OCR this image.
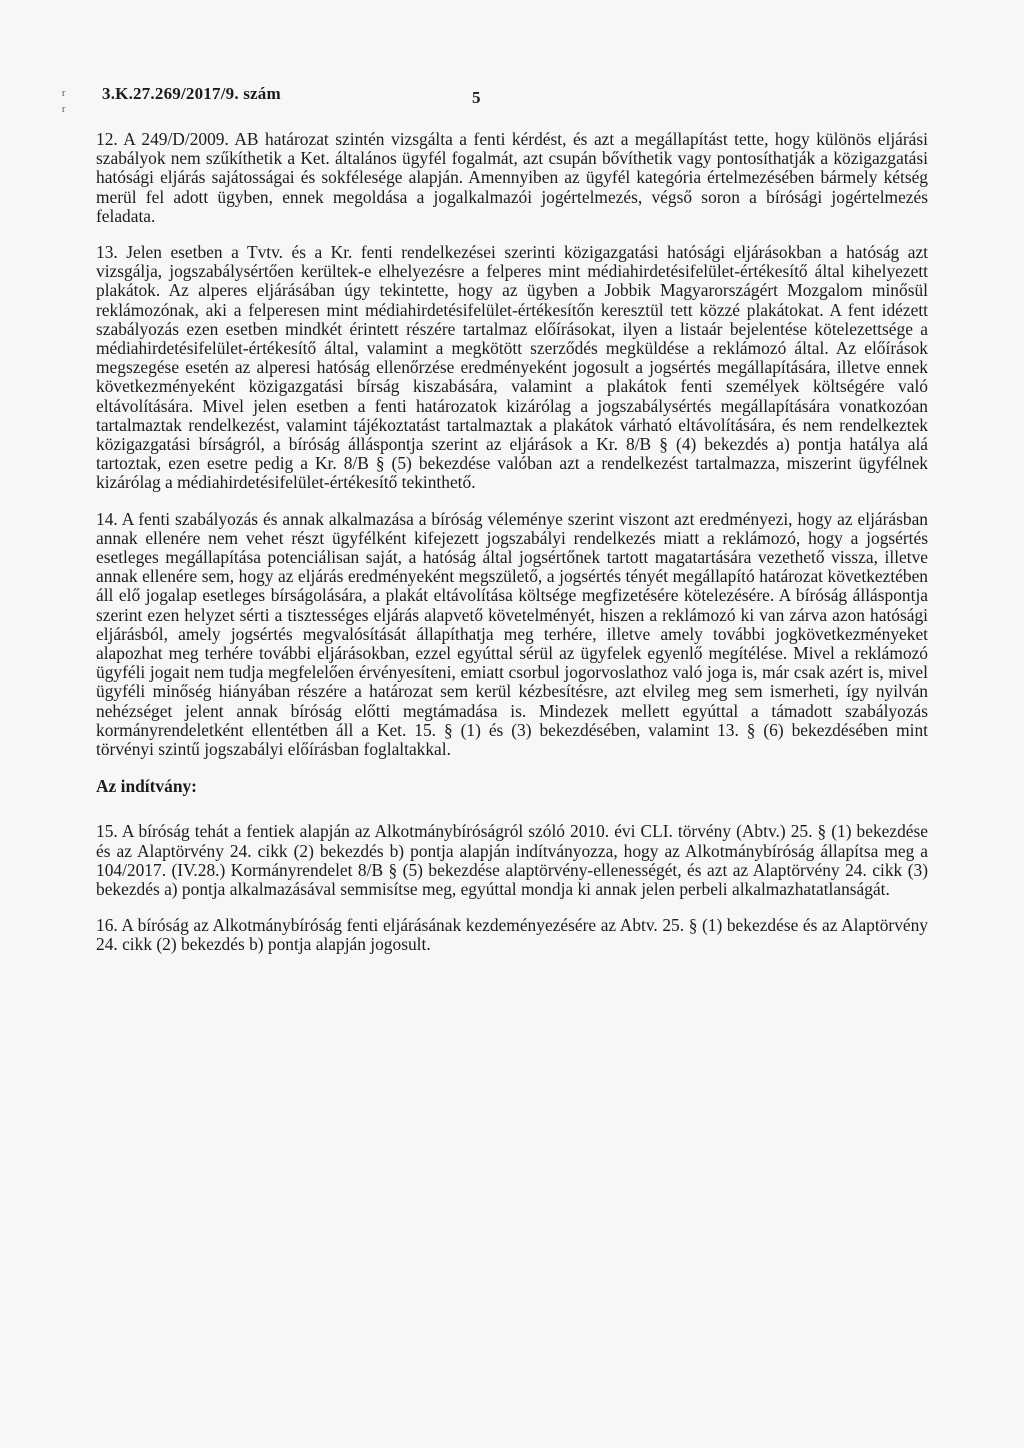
r
r
3.K.27.269/2017/9. szám	5

12. A 249/D/2009. AB határozat szintén vizsgálta a fenti kérdést, és azt a megállapítást tette, hogy különös eljárási szabályok nem szűkíthetik a Ket. általános ügyfél fogalmát, azt csupán bővíthetik vagy pontosíthatják a közigazgatási hatósági eljárás sajátosságai és sokfélesége alapján. Amennyiben az ügyfél kategória értelmezésében bármely kétség merül fel adott ügyben, ennek megoldása a jogalkalmazói jogértelmezés, végső soron a bírósági jogértelmezés feladata.

13. Jelen esetben a Tvtv. és a Kr. fenti rendelkezései szerinti közigazgatási hatósági eljárásokban a hatóság azt vizsgálja, jogszabálysértően kerültek-e elhelyezésre a felperes mint médiahirdetésifelület-értékesítő által kihelyezett plakátok. Az alperes eljárásában úgy tekintette, hogy az ügyben a Jobbik Magyarországért Mozgalom minősül reklámozónak, aki a felperesen mint médiahirdetésifelület-értékesítőn keresztül tett közzé plakátokat. A fent idézett szabályozás ezen esetben mindkét érintett részére tartalmaz előírásokat, ilyen a listaár bejelentése kötelezettsége a médiahirdetésifelület-értékesítő által, valamint a megkötött szerződés megküldése a reklámozó által. Az előírások megszegése esetén az alperesi hatóság ellenőrzése eredményeként jogosult a jogsértés megállapítására, illetve ennek következményeként közigazgatási bírság kiszabására, valamint a plakátok fenti személyek költségére való eltávolítására. Mivel jelen esetben a fenti határozatok kizárólag a jogszabálysértés megállapítására vonatkozóan tartalmaztak rendelkezést, valamint tájékoztatást tartalmaztak a plakátok várható eltávolítására, és nem rendelkeztek közigazgatási bírságról, a bíróság álláspontja szerint az eljárások a Kr. 8/B § (4) bekezdés a) pontja hatálya alá tartoztak, ezen esetre pedig a Kr. 8/B § (5) bekezdése valóban azt a rendelkezést tartalmazza, miszerint ügyfélnek kizárólag a médiahirdetésifelület-értékesítő tekinthető.

14. A fenti szabályozás és annak alkalmazása a bíróság véleménye szerint viszont azt eredményezi, hogy az eljárásban annak ellenére nem vehet részt ügyfélként kifejezett jogszabályi rendelkezés miatt a reklámozó, hogy a jogsértés esetleges megállapítása potenciálisan saját, a hatóság által jogsértőnek tartott magatartására vezethető vissza, illetve annak ellenére sem, hogy az eljárás eredményeként megszülető, a jogsértés tényét megállapító határozat következtében áll elő jogalap esetleges bírságolására, a plakát eltávolítása költsége megfizetésére kötelezésére. A bíróság álláspontja szerint ezen helyzet sérti a tisztességes eljárás alapvető követelményét, hiszen a reklámozó ki van zárva azon hatósági eljárásból, amely jogsértés megvalósítását állapíthatja meg terhére, illetve amely további jogkövetkezményeket alapozhat meg terhére további eljárásokban, ezzel egyúttal sérül az ügyfelek egyenlő megítélése. Mivel a reklámozó ügyféli jogait nem tudja megfelelően érvényesíteni, emiatt csorbul jogorvoslathoz való joga is, már csak azért is, mivel ügyféli minőség hiányában részére a határozat sem kerül kézbesítésre, azt elvileg meg sem ismerheti, így nyilván nehézséget jelent annak bíróság előtti megtámadása is. Mindezek mellett egyúttal a támadott szabályozás kormányrendeletként ellentétben áll a Ket. 15. § (1) és (3) bekezdésében, valamint 13. § (6) bekezdésében mint törvényi szintű jogszabályi előírásban foglaltakkal.

Az indítvány:

15. A bíróság tehát a fentiek alapján az Alkotmánybíróságról szóló 2010. évi CLI. törvény (Abtv.) 25. § (1) bekezdése és az Alaptörvény 24. cikk (2) bekezdés b) pontja alapján indítványozza, hogy az Alkotmánybíróság állapítsa meg a 104/2017. (IV.28.) Kormányrendelet 8/B § (5) bekezdése alaptörvény-ellenességét, és azt az Alaptörvény 24. cikk (3) bekezdés a) pontja alkalmazásával semmisítse meg, egyúttal mondja ki annak jelen perbeli alkalmazhatatlanságát.

16. A bíróság az Alkotmánybíróság fenti eljárásának kezdeményezésére az Abtv. 25. § (1) bekezdése és az Alaptörvény 24. cikk (2) bekezdés b) pontja alapján jogosult.
